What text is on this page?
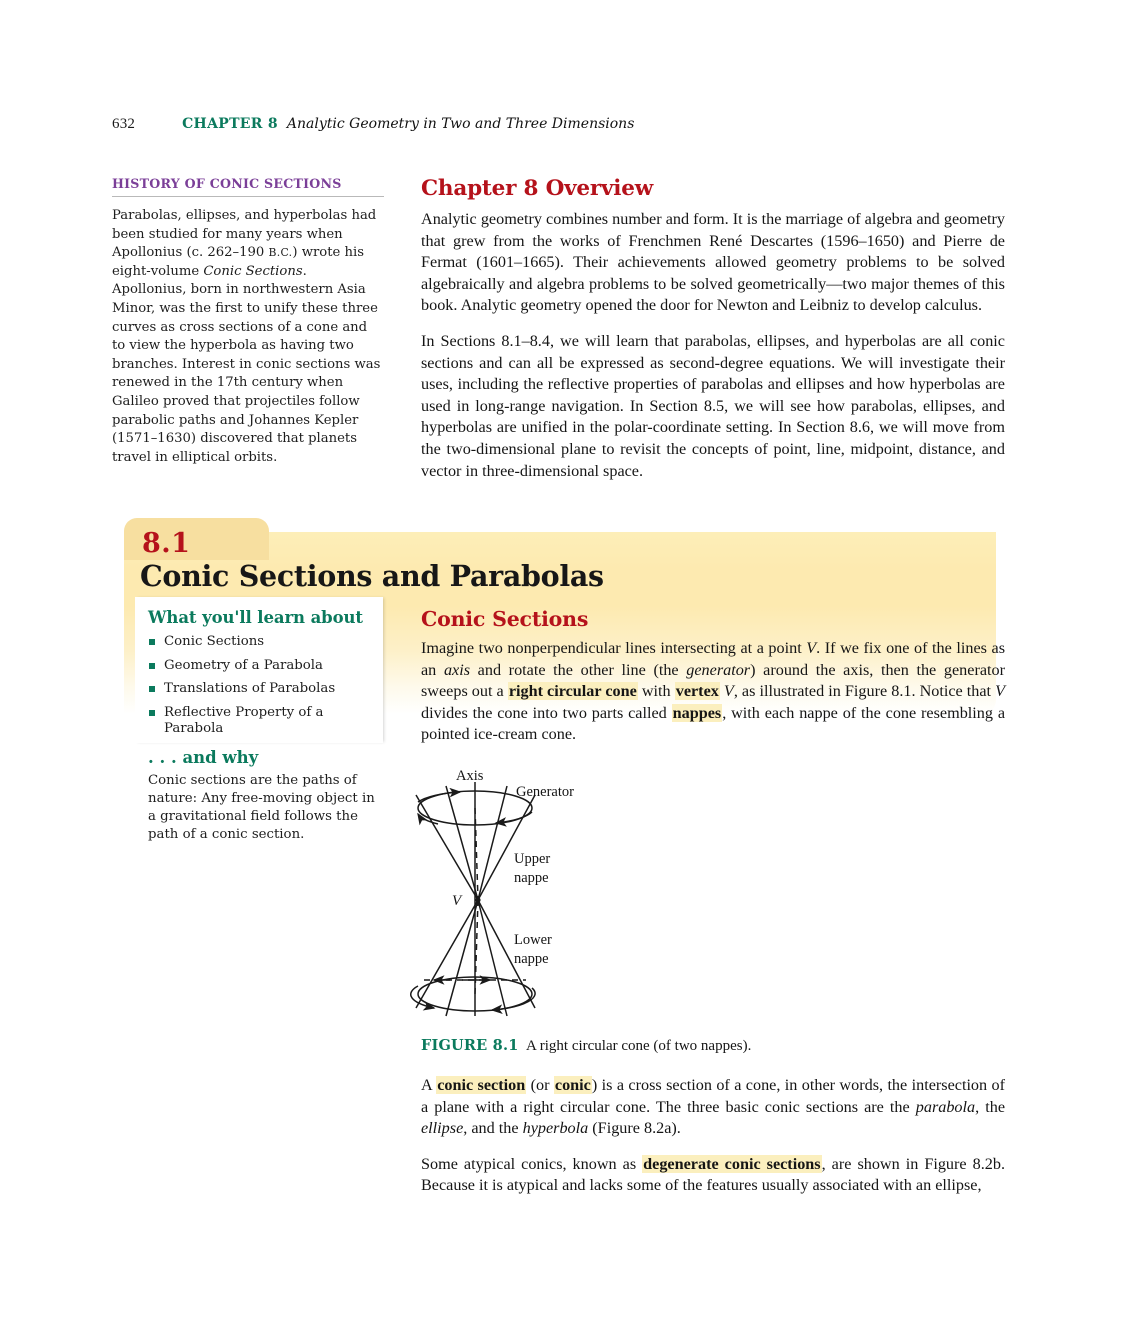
632	CHAPTER 8 Analytic Geometry in Two and Three Dimensions
HISTORY OF CONIC SECTIONS
Parabolas, ellipses, and hyperbolas had been studied for many years when Apollonius (c. 262–190 B.C.) wrote his eight-volume Conic Sections. Apollonius, born in northwestern Asia Minor, was the first to unify these three curves as cross sections of a cone and to view the hyperbola as having two branches. Interest in conic sections was renewed in the 17th century when Galileo proved that projectiles follow parabolic paths and Johannes Kepler (1571–1630) discovered that planets travel in elliptical orbits.
Chapter 8 Overview

Analytic geometry combines number and form. It is the marriage of algebra and geometry that grew from the works of Frenchmen René Descartes (1596–1650) and Pierre de Fermat (1601–1665). Their achievements allowed geometry problems to be solved algebraically and algebra problems to be solved geometrically—two major themes of this book. Analytic geometry opened the door for Newton and Leibniz to develop calculus.

In Sections 8.1–8.4, we will learn that parabolas, ellipses, and hyperbolas are all conic sections and can all be expressed as second-degree equations. We will investigate their uses, including the reflective properties of parabolas and ellipses and how hyperbolas are used in long-range navigation. In Section 8.5, we will see how parabolas, ellipses, and hyperbolas are unified in the polar-coordinate setting. In Section 8.6, we will move from the two-dimensional plane to revisit the concepts of point, line, midpoint, distance, and vector in three-dimensional space.

8.1
Conic Sections and Parabolas
What you'll learn about
Conic Sections
Geometry of a Parabola
Translations of Parabolas
Reflective Property of a Parabola
. . . and why
Conic sections are the paths of nature: Any free-moving object in a gravitational field follows the path of a conic section.
Conic Sections

Imagine two nonperpendicular lines intersecting at a point V. If we fix one of the lines as an axis and rotate the other line (the generator) around the axis, then the generator sweeps out a right circular cone with vertex V, as illustrated in Figure 8.1. Notice that V divides the cone into two parts called nappes, with each nappe of the cone resembling a pointed ice-cream cone.

Axis
Generator
Upper
nappe
Lower
nappe
V
FIGURE 8.1 A right circular cone (of two nappes).

A conic section (or conic) is a cross section of a cone, in other words, the intersection of a plane with a right circular cone. The three basic conic sections are the parabola, the ellipse, and the hyperbola (Figure 8.2a).

Some atypical conics, known as degenerate conic sections, are shown in Figure 8.2b. Because it is atypical and lacks some of the features usually associated with an ellipse,
